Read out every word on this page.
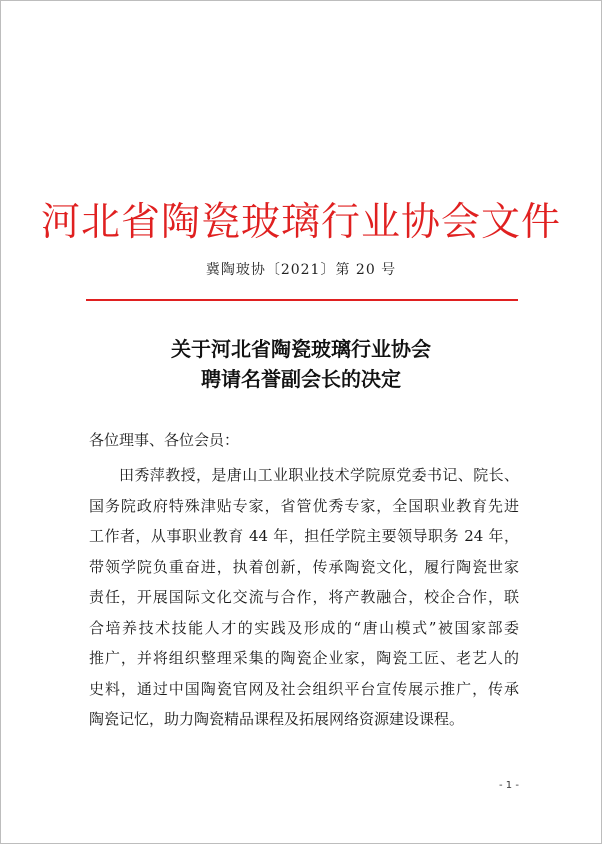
河北省陶瓷玻璃行业协会文件
冀陶玻协〔2021〕第 20 号
关于河北省陶瓷玻璃行业协会
聘请名誉副会长的决定
各位理事、各位会员：
田秀萍教授，是唐山工业职业技术学院原党委书记、院长、
国务院政府特殊津贴专家，省管优秀专家，全国职业教育先进
工作者，从事职业教育 44 年，担任学院主要领导职务 24 年，
带领学院负重奋进，执着创新，传承陶瓷文化，履行陶瓷世家
责任，开展国际文化交流与合作，将产教融合，校企合作，联
合培养技术技能人才的实践及形成的“唐山模式”被国家部委
推广，并将组织整理采集的陶瓷企业家，陶瓷工匠、老艺人的
史料，通过中国陶瓷官网及社会组织平台宣传展示推广，传承
陶瓷记忆，助力陶瓷精品课程及拓展网络资源建设课程。
- 1 -
